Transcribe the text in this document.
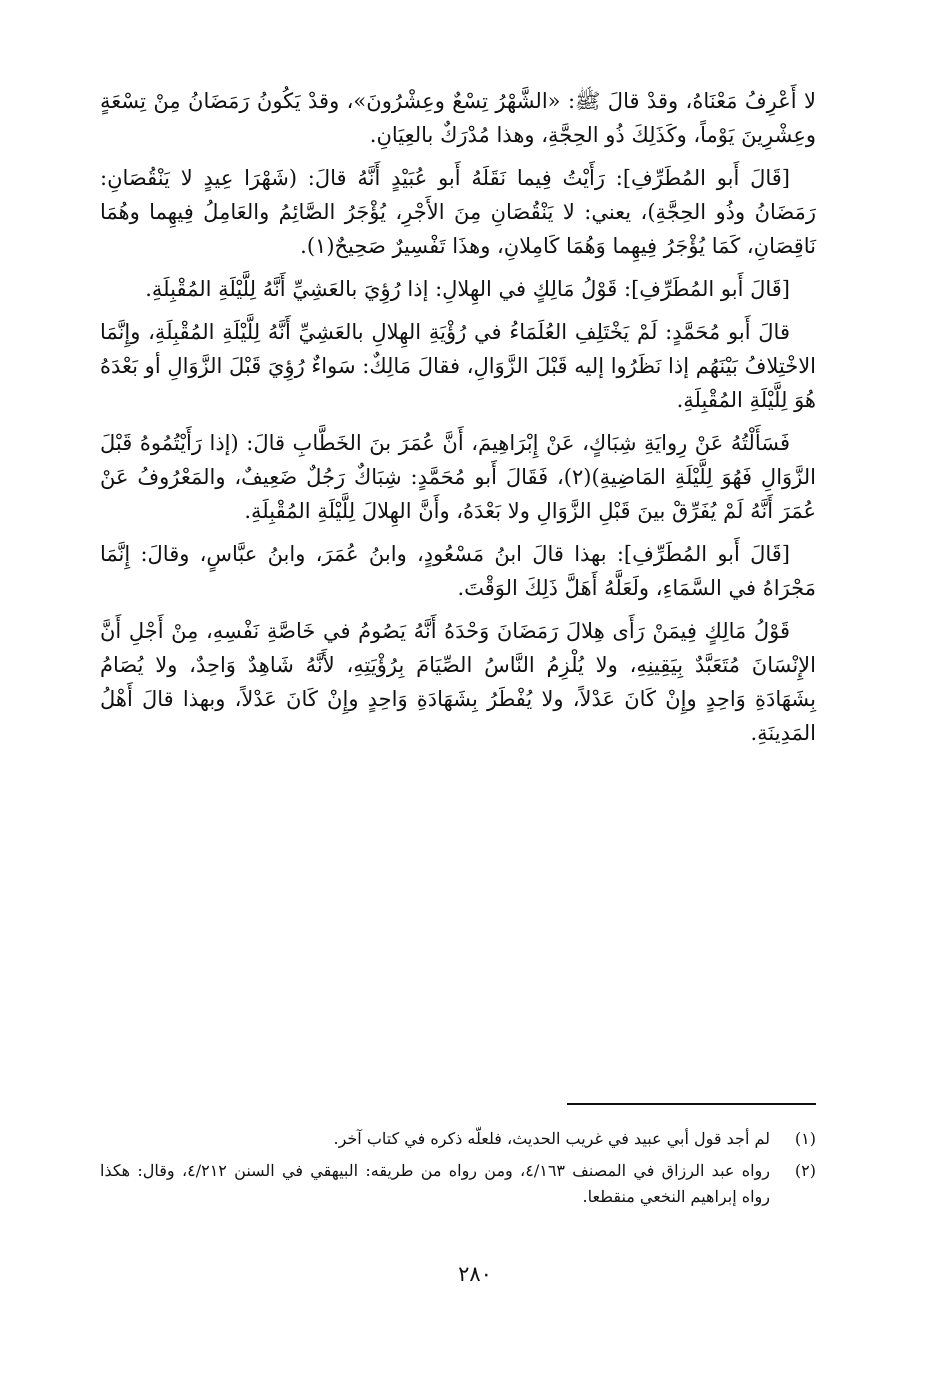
لا أَعْرِفُ مَعْنَاهُ، وقدْ قالَ ﷺ: «الشَّهْرُ تِسْعٌ وعِشْرُونَ»، وقدْ يَكُونُ رَمَضَانُ مِنْ تِسْعَةٍ وعِشْرِينَ يَوْماً، وكَذَلِكَ ذُو الحِجَّةِ، وهذا مُدْرَكٌ بالعِيَانِ.

[قَالَ أَبو المُطَرِّفِ]: رَأَيْتُ فِيما نَقَلَهُ أَبو عُبَيْدٍ أَنَّهُ قالَ: (شَهْرَا عِيدٍ لا يَنْقُصَانِ: رَمَضَانُ وذُو الحِجَّةِ)، يعني: لا يَنْقُصَانِ مِنَ الأَجْرِ، يُؤْجَرُ الصَّائِمُ والعَامِلُ فِيهِما وهُمَا نَاقِصَانِ، كَمَا يُؤْجَرُ فِيهِما وَهُمَا كَامِلانِ، وهذَا تَفْسِيرٌ صَحِيحٌ(١).

[قَالَ أَبو المُطَرِّفِ]: قَوْلُ مَالِكٍ في الهِلالِ: إذا رُؤِيَ بالعَشِيِّ أَنَّهُ لِلَّيْلَةِ المُقْبِلَةِ.

قالَ أَبو مُحَمَّدٍ: لَمْ يَخْتَلِفِ العُلَمَاءُ في رُؤْيَةِ الهِلالِ بالعَشِيِّ أَنَّهُ لِلَّيْلَةِ المُقْبِلَةِ، وإِنَّمَا الاخْتِلافُ بَيْنَهُم إذا نَظَرُوا إليه قَبْلَ الزَّوَالِ، فقالَ مَالِكٌ: سَواءٌ رُؤِيَ قَبْلَ الزَّوَالِ أو بَعْدَهُ هُوَ لِلَّيْلَةِ المُقْبِلَةِ.

فَسَأَلْتُهُ عَنْ رِوايَةِ شِبَاكٍ، عَنْ إِبْرَاهِيمَ، أَنَّ عُمَرَ بنَ الخَطَّابِ قالَ: (إذا رَأَيْتُمُوهُ قَبْلَ الزَّوَالِ فَهُوَ لِلَّيْلَةِ المَاضِيةِ)(٢)، فَقَالَ أَبو مُحَمَّدٍ: شِبَاكٌ رَجُلٌ ضَعِيفٌ، والمَعْرُوفُ عَنْ عُمَرَ أَنَّهُ لَمْ يُفَرِّقْ بينَ قَبْلِ الزَّوَالِ ولا بَعْدَهُ، وأَنَّ الهِلالَ لِلَّيْلَةِ المُقْبِلَةِ.

[قَالَ أَبو المُطَرِّفِ]: بهذا قالَ ابنُ مَسْعُودٍ، وابنُ عُمَرَ، وابنُ عبَّاسٍ، وقالَ: إِنَّمَا مَجْرَاهُ في السَّمَاءِ، ولَعَلَّهُ أَهَلَّ ذَلِكَ الوَقْتَ.

قَوْلُ مَالِكٍ فِيمَنْ رَأَى هِلالَ رَمَضَانَ وَحْدَهُ أَنَّهُ يَصُومُ في خَاصَّةِ نَفْسِهِ، مِنْ أَجْلِ أَنَّ الإِنْسَانَ مُتَعَبَّدٌ بِيَقِينِهِ، ولا يُلْزِمُ النَّاسُ الصِّيَامَ بِرُؤْيَتِهِ، لأَنَّهُ شَاهِدٌ وَاحِدٌ، ولا يُصَامُ بِشَهَادَةِ وَاحِدٍ وإِنْ كَانَ عَدْلاً، ولا يُفْطَرُ بِشَهَادَةِ وَاحِدٍ وإِنْ كَانَ عَدْلاً، وبهذا قالَ أَهْلُ المَدِينَةِ.

(١)
لم أجد قول أبي عبيد في غريب الحديث، فلعلّه ذكره في كتاب آخر.
(٢)
رواه عبد الرزاق في المصنف ٤/١٦٣، ومن رواه من طريقه: البيهقي في السنن ٤/٢١٢، وقال: هكذا رواه إبراهيم النخعي منقطعا.
٢٨٠
